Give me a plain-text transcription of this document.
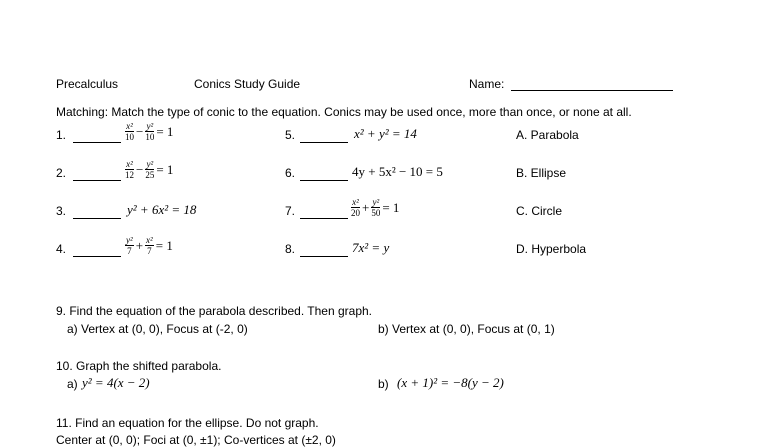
Precalculus	Conics Study Guide	Name:
Matching: Match the type of conic to the equation. Conics may be used once, more than once, or none at all.
1.	$\frac{\text{x²}}{10} - \frac{\text{y²}}{10} = 1$	5.	x² + y² = 14	A. Parabola
2.	$\frac{\text{x²}}{12} - \frac{\text{y²}}{25} = 1$	6.	4y + 5x² − 10 = 5	B. Ellipse
3.	y² + 6x² = 18	7.	$\frac{\text{x²}}{20} + \frac{\text{y²}}{50} = 1$	C. Circle
4.	$\frac{\text{y²}}{7} + \frac{\text{x²}}{7} = 1$	8.	7x² = y	D. Hyperbola
9. Find the equation of the parabola described. Then graph.
a) Vertex at (0, 0), Focus at (-2, 0)	b) Vertex at (0, 0), Focus at (0, 1)
10. Graph the shifted parabola.
a) y² = 4(x − 2)	b) (x + 1)² = −8(y − 2)
11. Find an equation for the ellipse. Do not graph.
Center at (0, 0); Foci at (0, ±1); Co-vertices at (±2, 0)
